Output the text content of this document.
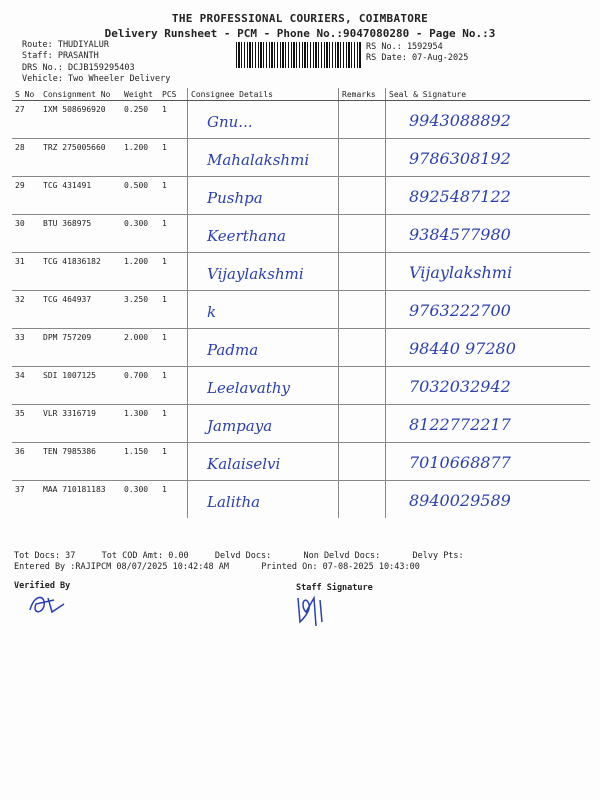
THE PROFESSIONAL COURIERS, COIMBATORE
Delivery Runsheet - PCM - Phone No.:9047080280 - Page No.:3
Route: THUDIYALUR
Staff: PRASANTH
DRS No.: DCJB159295403
Vehicle: Two Wheeler Delivery
RS No.: 1592954
RS Date: 07-Aug-2025
S No	Consignment No	Weight	PCS	Consignee Details	Remarks	Seal & Signature
27	IXM 508696920	0.250	1	Gnu...		9943088892
28	TRZ 275005660	1.200	1	Mahalakshmi		9786308192
29	TCG 431491	0.500	1	Pushpa		8925487122
30	BTU 368975	0.300	1	Keerthana		9384577980
31	TCG 41836182	1.200	1	Vijaylakshmi		Vijaylakshmi
32	TCG 464937	3.250	1	k		9763222700
33	DPM 757209	2.000	1	Padma		98440 97280
34	SDI 1007125	0.700	1	Leelavathy		7032032942
35	VLR 3316719	1.300	1	Jampaya		8122772217
36	TEN 7985386	1.150	1	Kalaiselvi		7010668877
37	MAA 710181183	0.300	1	Lalitha		8940029589
Tot Docs: 37	Tot COD Amt: 0.00	Delvd Docs:	Non Delvd Docs:	Delvy Pts:
Entered By :RAJIPCM 08/07/2025 10:42:48 AM	Printed On: 07-08-2025 10:43:00
Verified By	Staff Signature
